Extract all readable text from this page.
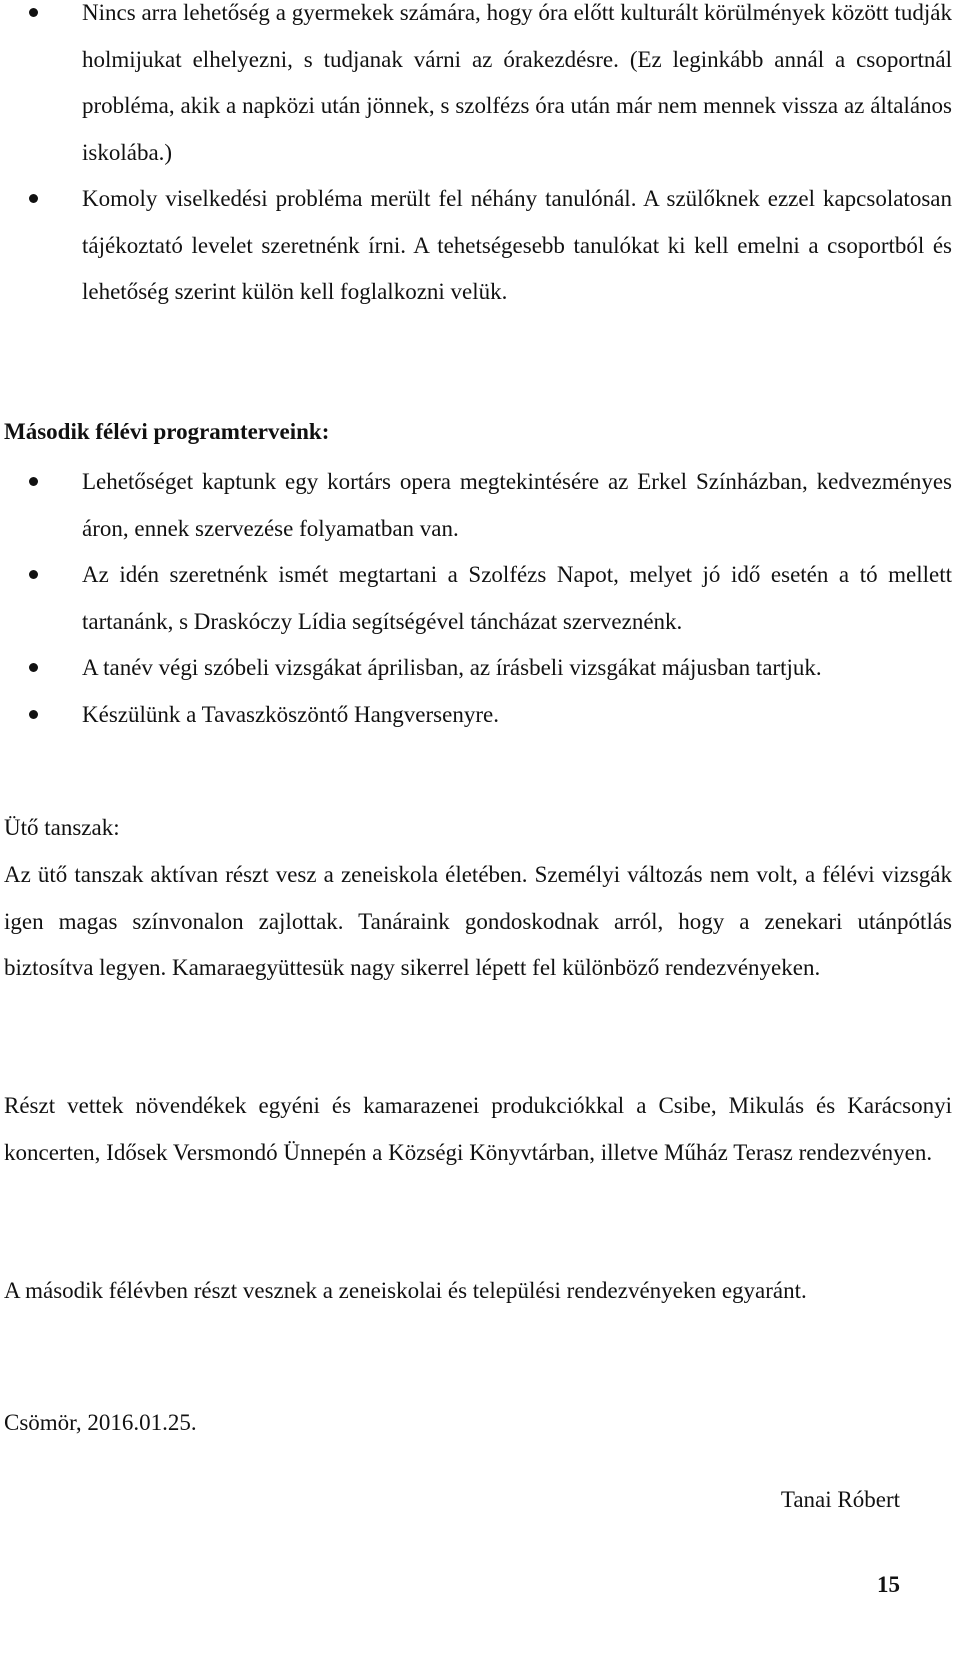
Nincs arra lehetőség a gyermekek számára, hogy óra előtt kulturált körülmények között tudják holmijukat elhelyezni, s tudjanak várni az órakezdésre. (Ez leginkább annál a csoportnál probléma, akik a napközi után jönnek, s szolfézs óra után már nem mennek vissza az általános iskolába.)
Komoly viselkedési probléma merült fel néhány tanulónál. A szülőknek ezzel kapcsolatosan tájékoztató levelet szeretnénk írni. A tehetségesebb tanulókat ki kell emelni a csoportból és lehetőség szerint külön kell foglalkozni velük.

Második félévi programterveink:

Lehetőséget kaptunk egy kortárs opera megtekintésére az Erkel Színházban, kedvezményes áron, ennek szervezése folyamatban van.
Az idén szeretnénk ismét megtartani a Szolfézs Napot, melyet jó idő esetén a tó mellett tartanánk, s Draskóczy Lídia segítségével táncházat szerveznénk.
A tanév végi szóbeli vizsgákat áprilisban, az írásbeli vizsgákat májusban tartjuk.
Készülünk a Tavaszköszöntő Hangversenyre.

Ütő tanszak:

Az ütő tanszak aktívan részt vesz a zeneiskola életében. Személyi változás nem volt, a félévi vizsgák igen magas színvonalon zajlottak. Tanáraink gondoskodnak arról, hogy a zenekari utánpótlás biztosítva legyen. Kamaraegyüttesük nagy sikerrel lépett fel különböző rendezvényeken.

Részt vettek növendékek egyéni és kamarazenei produkciókkal a Csibe, Mikulás és Karácsonyi koncerten, Idősek Versmondó Ünnepén a Községi Könyvtárban, illetve Műház Terasz rendezvényen.

A második félévben részt vesznek a zeneiskolai és települési rendezvényeken egyaránt.

Csömör, 2016.01.25.

Tanai Róbert

15
